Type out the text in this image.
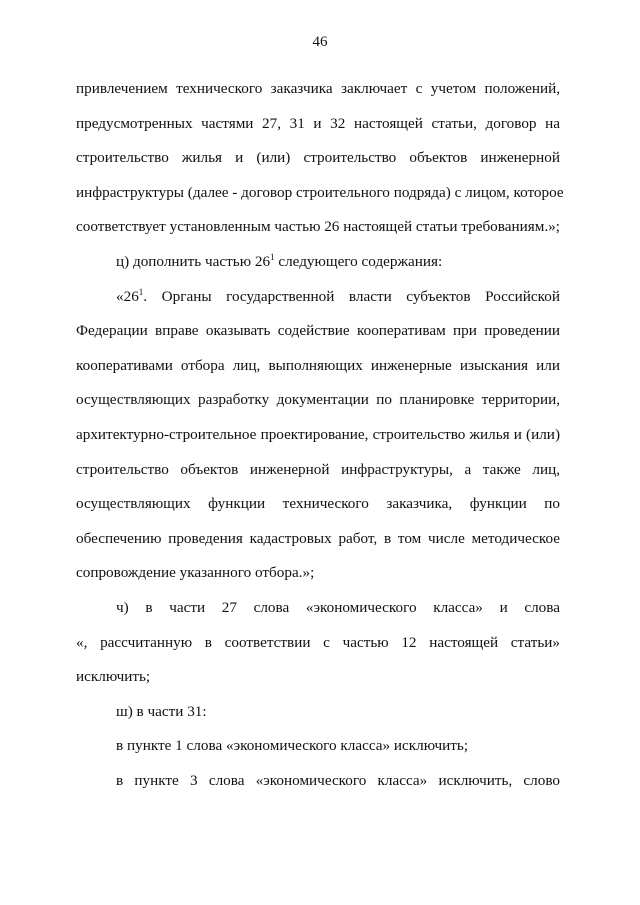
46
привлечением технического заказчика заключает с учетом положений,
предусмотренных частями 27, 31 и 32 настоящей статьи, договор на
строительство жилья и (или) строительство объектов инженерной
инфраструктуры (далее - договор строительного подряда) с лицом, которое
соответствует установленным частью 26 настоящей статьи требованиям.»;
ц) дополнить частью $26^1$ следующего содержания:
«$26^1$. Органы государственной власти субъектов Российской
Федерации вправе оказывать содействие кооперативам при проведении
кооперативами отбора лиц, выполняющих инженерные изыскания или
осуществляющих разработку документации по планировке территории,
архитектурно-строительное проектирование, строительство жилья и (или)
строительство объектов инженерной инфраструктуры, а также лиц,
осуществляющих функции технического заказчика, функции по
обеспечению проведения кадастровых работ, в том числе методическое
сопровождение указанного отбора.»;
ч) в части 27 слова «экономического класса» и слова
«, рассчитанную в соответствии с частью 12 настоящей статьи»
исключить;
ш) в части 31:
в пункте 1 слова «экономического класса» исключить;
в пункте 3 слова «экономического класса» исключить, слово
